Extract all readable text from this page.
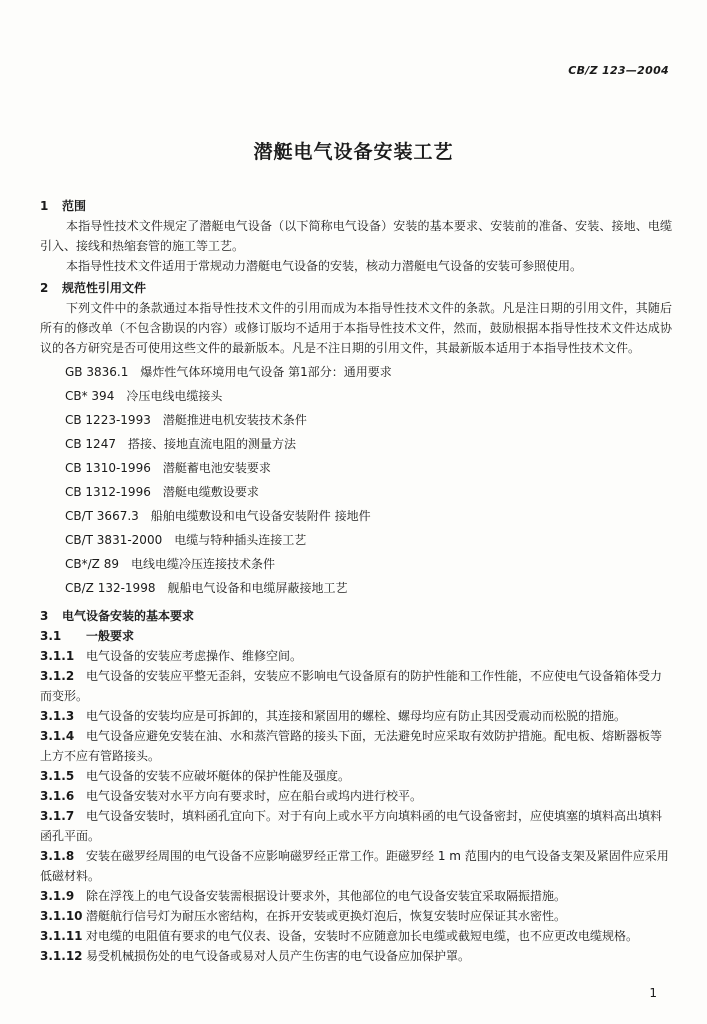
CB/Z 123—2004
潜艇电气设备安装工艺

1 范围

本指导性技术文件规定了潜艇电气设备（以下简称电气设备）安装的基本要求、安装前的准备、安装、接地、电缆引入、接线和热缩套管的施工等工艺。

本指导性技术文件适用于常规动力潜艇电气设备的安装，核动力潜艇电气设备的安装可参照使用。

2 规范性引用文件

下列文件中的条款通过本指导性技术文件的引用而成为本指导性技术文件的条款。凡是注日期的引用文件，其随后所有的修改单（不包含勘误的内容）或修订版均不适用于本指导性技术文件，然而，鼓励根据本指导性技术文件达成协议的各方研究是否可使用这些文件的最新版本。凡是不注日期的引用文件，其最新版本适用于本指导性技术文件。

GB 3836.1 爆炸性气体环境用电气设备 第1部分：通用要求
CB* 394 冷压电线电缆接头
CB 1223-1993 潜艇推进电机安装技术条件
CB 1247 搭接、接地直流电阻的测量方法
CB 1310-1996 潜艇蓄电池安装要求
CB 1312-1996 潜艇电缆敷设要求
CB/T 3667.3 船舶电缆敷设和电气设备安装附件 接地件
CB/T 3831-2000 电缆与特种插头连接工艺
CB*/Z 89 电线电缆冷压连接技术条件
CB/Z 132-1998 舰船电气设备和电缆屏蔽接地工艺

3 电气设备安装的基本要求

3.1 一般要求

3.1.1 电气设备的安装应考虑操作、维修空间。

3.1.2 电气设备的安装应平整无歪斜，安装应不影响电气设备原有的防护性能和工作性能，不应使电气设备箱体受力而变形。

3.1.3 电气设备的安装均应是可拆卸的，其连接和紧固用的螺栓、螺母均应有防止其因受震动而松脱的措施。

3.1.4 电气设备应避免安装在油、水和蒸汽管路的接头下面，无法避免时应采取有效防护措施。配电板、熔断器板等上方不应有管路接头。

3.1.5 电气设备的安装不应破坏艇体的保护性能及强度。

3.1.6 电气设备安装对水平方向有要求时，应在船台或坞内进行校平。

3.1.7 电气设备安装时，填料函孔宜向下。对于有向上或水平方向填料函的电气设备密封，应使填塞的填料高出填料函孔平面。

3.1.8 安装在磁罗经周围的电气设备不应影响磁罗经正常工作。距磁罗经 1 m 范围内的电气设备支架及紧固件应采用低磁材料。

3.1.9 除在浮筏上的电气设备安装需根据设计要求外，其他部位的电气设备安装宜采取隔振措施。

3.1.10 潜艇航行信号灯为耐压水密结构，在拆开安装或更换灯泡后，恢复安装时应保证其水密性。

3.1.11 对电缆的电阻值有要求的电气仪表、设备，安装时不应随意加长电缆或截短电缆，也不应更改电缆规格。

3.1.12 易受机械损伤处的电气设备或易对人员产生伤害的电气设备应加保护罩。

1
